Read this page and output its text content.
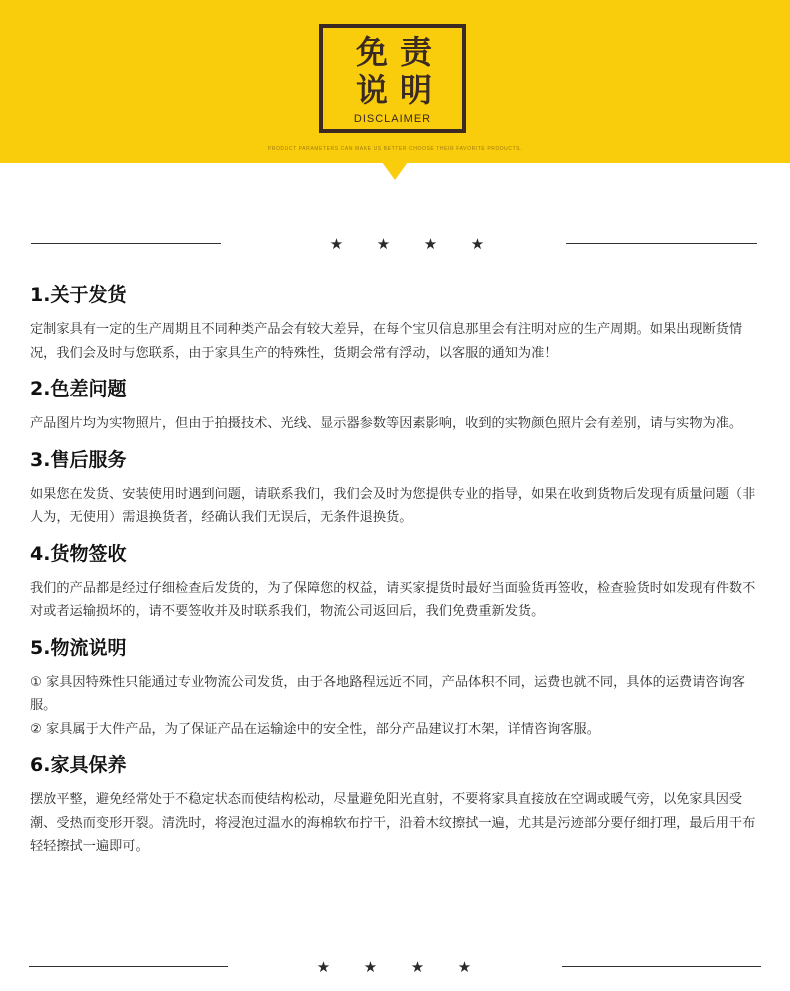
免 责
说 明
DISCLAIMER
PRODUCT PARAMETERS CAN MAKE US BETTER CHOOSE THEIR FAVORITE PRODUCTS.
★	★	★	★
1.关于发货

定制家具有一定的生产周期且不同种类产品会有较大差异，在每个宝贝信息那里会有注明对应的生产周期。如果出现断货情况，我们会及时与您联系，由于家具生产的特殊性，货期会常有浮动，以客服的通知为准！

2.色差问题

产品图片均为实物照片，但由于拍摄技术、光线、显示器参数等因素影响，收到的实物颜色照片会有差别，请与实物为准。

3.售后服务

如果您在发货、安装使用时遇到问题，请联系我们，我们会及时为您提供专业的指导，如果在收到货物后发现有质量问题（非人为，无使用）需退换货者，经确认我们无误后，无条件退换货。

4.货物签收

我们的产品都是经过仔细检查后发货的，为了保障您的权益，请买家提货时最好当面验货再签收，检查验货时如发现有件数不对或者运输损坏的，请不要签收并及时联系我们，物流公司返回后，我们免费重新发货。

5.物流说明

① 家具因特殊性只能通过专业物流公司发货，由于各地路程远近不同，产品体积不同，运费也就不同，具体的运费请咨询客服。

② 家具属于大件产品，为了保证产品在运输途中的安全性，部分产品建议打木架，详情咨询客服。

6.家具保养

摆放平整，避免经常处于不稳定状态而使结构松动，尽量避免阳光直射，不要将家具直接放在空调或暖气旁，以免家具因受潮、受热而变形开裂。清洗时，将浸泡过温水的海棉软布拧干，沿着木纹擦拭一遍，尤其是污迹部分要仔细打理，最后用干布轻轻擦拭一遍即可。

★	★	★	★
